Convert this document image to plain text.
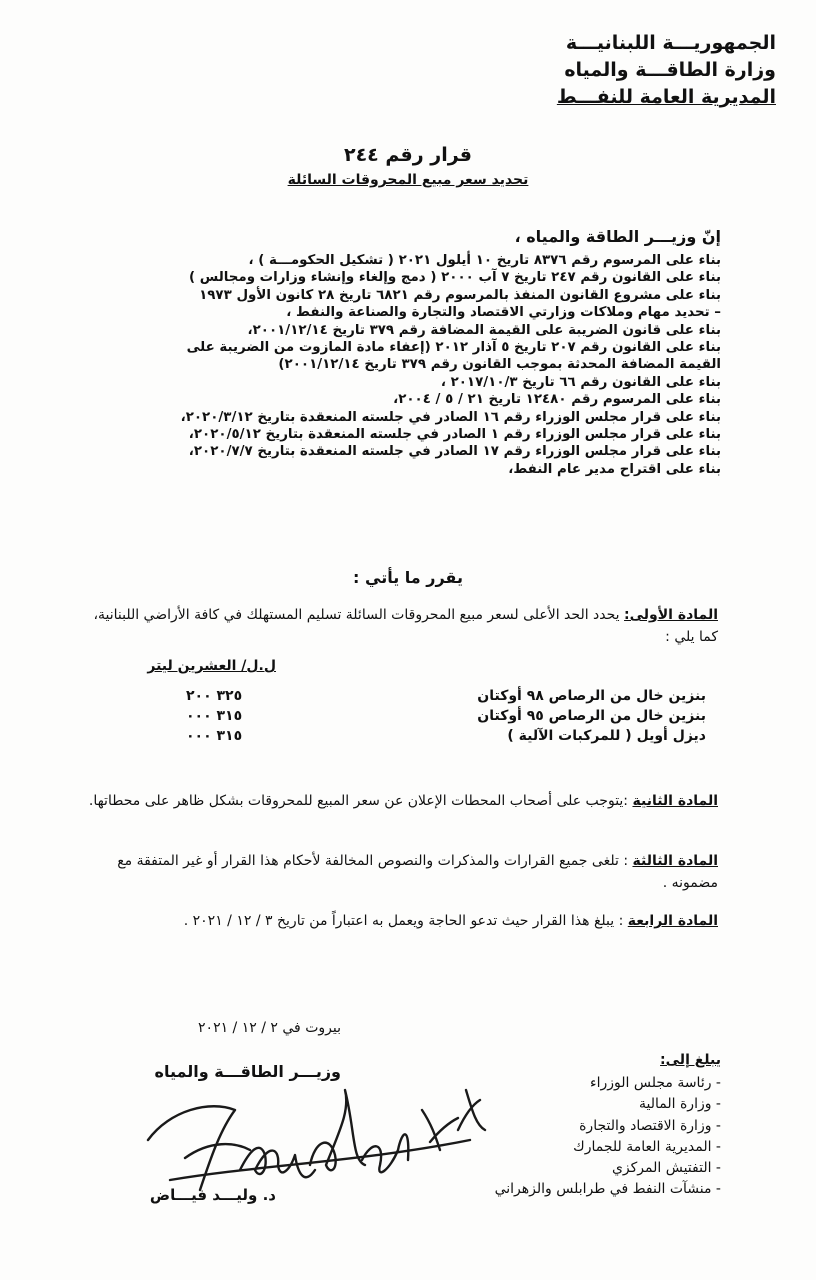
الجمهوريـــة اللبنانيـــة
وزارة الطاقـــة والمياه
المديرية العامة للنفـــط
قرار رقم ٢٤٤
تحديد سعر مبيع المحروقات السائلة
إنّ وزيـــر الطاقة والمياه ،
بناء على المرسوم رقم ٨٣٧٦ تاريخ ١٠ أيلول ٢٠٢١ ( تشكيل الحكومـــة ) ،
بناء على القانون رقم ٢٤٧ تاريخ ٧ آب ٢٠٠٠ ( دمج وإلغاء وإنشاء وزارات ومجالس )
بناء على مشروع القانون المنفذ بالمرسوم رقم ٦٨٢١ تاريخ ٢٨ كانون الأول ١٩٧٣
– تحديد مهام وملاكات وزارتي الاقتصاد والتجارة والصناعة والنفط ،
بناء على قانون الضريبة على القيمة المضافة رقم ٣٧٩ تاريخ ٢٠٠١/١٢/١٤،
بناء على القانون رقم ٢٠٧ تاريخ ٥ آذار ٢٠١٢ (إعفاء مادة المازوت من الضريبة على
القيمة المضافة المحدثة بموجب القانون رقم ٣٧٩ تاريخ ٢٠٠١/١٢/١٤)
بناء على القانون رقم ٦٦ تاريخ ٢٠١٧/١٠/٣ ،
بناء على المرسوم رقم ١٢٤٨٠ تاريخ ٢١ / ٥ / ٢٠٠٤،
بناء على قرار مجلس الوزراء رقم ١٦ الصادر في جلسته المنعقدة بتاريخ ٢٠٢٠/٣/١٢،
بناء على قرار مجلس الوزراء رقم ١ الصادر في جلسته المنعقدة بتاريخ ٢٠٢٠/٥/١٢،
بناء على قرار مجلس الوزراء رقم ١٧ الصادر في جلسته المنعقدة بتاريخ ٢٠٢٠/٧/٧،
بناء على اقتراح مدير عام النفط،
يقرر ما يأتي :
المادة الأولى: يحدد الحد الأعلى لسعر مبيع المحروقات السائلة تسليم المستهلك في كافة الأراضي اللبنانية، كما يلي :
ل.ل/ العشرين ليتر
بنزين خال من الرصاص ٩٨ أوكتان
٣٢٥ ٢٠٠
بنزين خال من الرصاص ٩٥ أوكتان
٣١٥ ٠٠٠
ديزل أويل ( للمركبات الآلية )
٣١٥ ٠٠٠
المادة الثانية :يتوجب على أصحاب المحطات الإعلان عن سعر المبيع للمحروقات بشكل ظاهر على محطاتها.
المادة الثالثة : تلغى جميع القرارات والمذكرات والنصوص المخالفة لأحكام هذا القرار أو غير المتفقة مع مضمونه .
المادة الرابعة : يبلغ هذا القرار حيث تدعو الحاجة ويعمل به اعتباراً من تاريخ ٣ / ١٢ / ٢٠٢١ .
بيروت في ٢ / ١٢ / ٢٠٢١
يبلغ إلى:
- رئاسة مجلس الوزراء
- وزارة المالية
- وزارة الاقتصاد والتجارة
- المديرية العامة للجمارك
- التفتيش المركزي
- منشآت النفط في طرابلس والزهراني
وزيـــر الطاقـــة والمياه
د. وليـــد فيـــاض
